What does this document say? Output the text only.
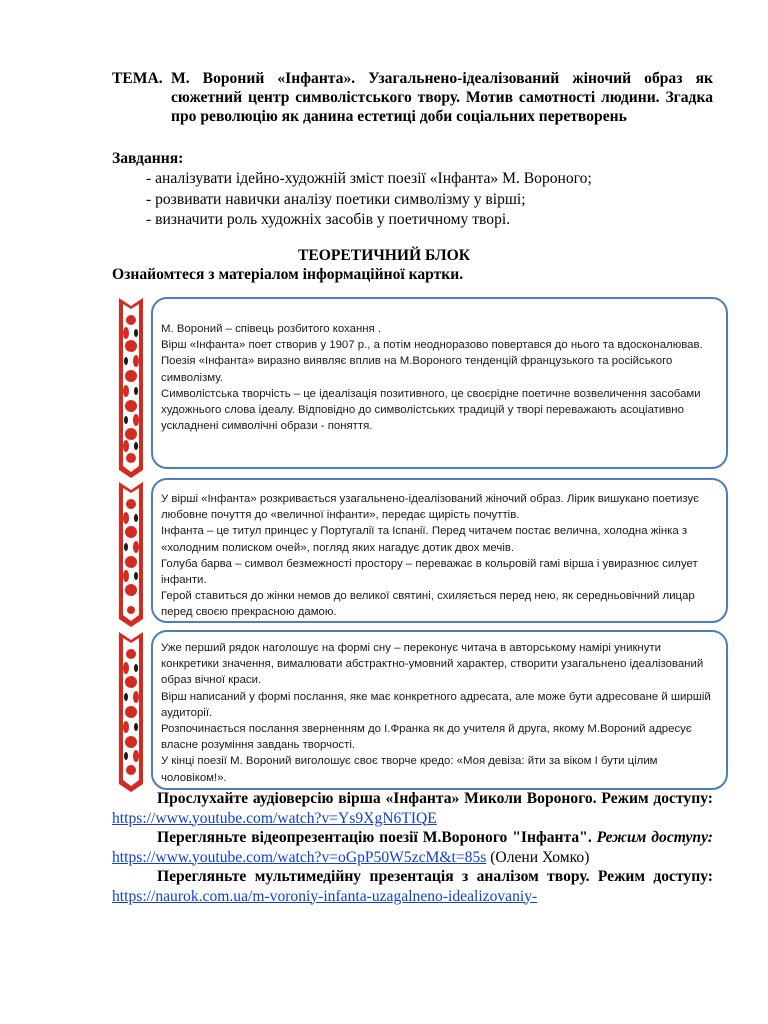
ТЕМА. М. Вороний «Інфанта». Узагальнено-ідеалізований жіночий образ як сюжетний центр символістського твору. Мотив самотності людини. Згадка про революцію як данина естетиці доби соціальних перетворень
Завдання:
- аналізувати ідейно-художній зміст поезії «Інфанта» М. Вороного;
- розвивати навички аналізу поетики символізму у вірші;
- визначити роль художніх засобів у поетичному творі.
ТЕОРЕТИЧНИЙ БЛОК
Ознайомтеся з матеріалом інформаційної картки.

М. Вороний – співець розбитого кохання .

Вірш «Інфанта» поет створив у 1907 р., а потім неодноразово повертався до нього та вдосконалював.

Поезія «Інфанта» виразно виявляє вплив на М.Вороного тенденцій французького та російського символізму.

Символістська творчість – це ідеалізація позитивного, це своєрідне поетичне возвеличення засобами художнього слова ідеалу. Відповідно до символістських традицій у творі переважають асоціативно ускладнені символічні образи - поняття.

У вірші «Інфанта» розкривається узагальнено-ідеалізований жіночий образ. Лірик вишукано поетизує любовне почуття до «величної інфанти», передає щирість почуттів.

Інфанта – це титул принцес у Португалії та Іспанії. Перед читачем постає велична, холодна жінка з «холодним полиском очей», погляд яких нагадує дотик двох мечів.

Голуба барва – символ безмежності простору – переважає в кольровій гамі вірша і увиразнює силует інфанти.

Герой ставиться до жінки немов до великої святині, схиляється перед нею, як середньовічний лицар перед своєю прекрасною дамою.

Уже перший рядок наголошує на формі сну – переконує читача в авторському намірі уникнути конкретики значення, вималювати абстрактно-умовний характер, створити узагальнено ідеалізований образ вічної краси.

Вірш написаний у формі послання, яке має конкретного адресата, але може бути адресоване й ширшій аудиторії.

Розпочинається послання зверненням до І.Франка як до учителя й друга, якому М.Вороний адресує власне розуміння завдань творчості.

У кінці поезії М. Вороний виголошує своє творче кредо: «Моя девіза: йти за віком І бути цілим чоловіком!».

Прослухайте аудіоверсію вірша «Інфанта» Миколи Вороного. Режим доступу: https://www.youtube.com/watch?v=Ys9XgN6TIQE

Перегляньте відеопрезентацію поезії М.Вороного "Інфанта". Режим доступу: https://www.youtube.com/watch?v=oGpP50W5zcM&t=85s (Олени Хомко)

Перегляньте мультимедійну презентація з аналізом твору. Режим доступу: https://naurok.com.ua/m-voroniy-infanta-uzagalneno-idealizovaniy-
